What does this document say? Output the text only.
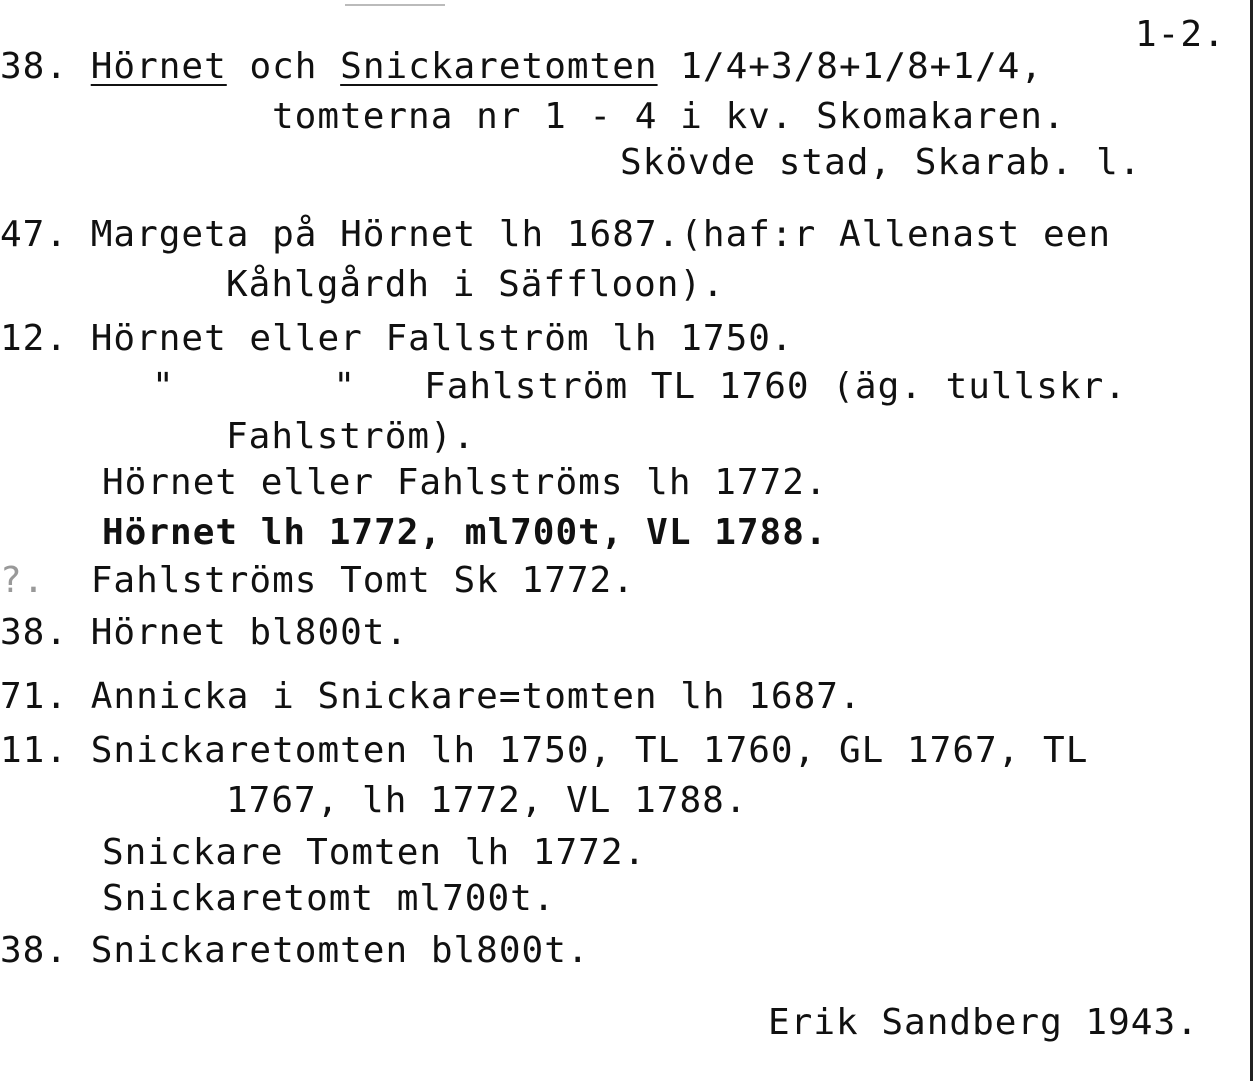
1-2.
38. Hörnet och Snickaretomten 1/4+3/8+1/8+1/4,
tomterna nr 1 - 4 i kv. Skomakaren.
Skövde stad, Skarab. l.
47. Margeta på Hörnet lh 1687.(haf:r Allenast een
Kåhlgårdh i Säffloon).
12. Hörnet eller Fallström lh 1750.
"       "   Fahlström TL 1760 (äg. tullskr.
Fahlström).
Hörnet eller Fahlströms lh 1772.
Hörnet lh 1772, ml700t, VL 1788.
?. Fahlströms Tomt Sk 1772.
38. Hörnet bl800t.
71. Annicka i Snickare=tomten lh 1687.
11. Snickaretomten lh 1750, TL 1760, GL 1767, TL
1767, lh 1772, VL 1788.
Snickare Tomten lh 1772.
Snickaretomt ml700t.
38. Snickaretomten bl800t.
Erik Sandberg 1943.
